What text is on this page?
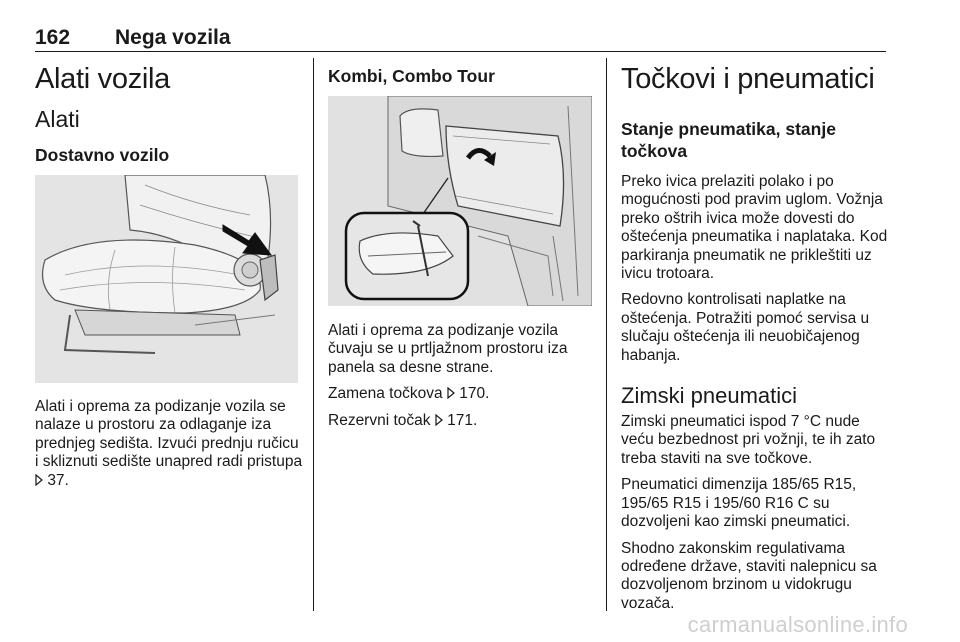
162 Nega vozila
Alati vozila
Alati
Dostavno vozilo

Alati i oprema za podizanje vozila se nalaze u prostoru za odlaganje iza prednjeg sedišta. Izvući prednju ručicu i skliznuti sedište unapred radi pristupa
37.

Kombi, Combo Tour

Alati i oprema za podizanje vozila čuvaju se u prtljažnom prostoru iza panela sa desne strane.

Zamena točkova 170.

Rezervni točak 171.

Točkovi i pneumatici
Stanje pneumatika, stanje točkova

Preko ivica prelaziti polako i po mogućnosti pod pravim uglom. Vožnja preko oštrih ivica može dovesti do oštećenja pneumatika i naplataka. Kod parkiranja pneumatik ne prikleštiti uz ivicu trotoara.

Redovno kontrolisati naplatke na oštećenja. Potražiti pomoć servisa u slučaju oštećenja ili neuobičajenog habanja.

Zimski pneumatici

Zimski pneumatici ispod 7 °C nude veću bezbednost pri vožnji, te ih zato treba staviti na sve točkove.

Pneumatici dimenzija 185/65 R15, 195/65 R15 i 195/60 R16 C su dozvoljeni kao zimski pneumatici.

Shodno zakonskim regulativama određene države, staviti nalepnicu sa dozvoljenom brzinom u vidokrugu vozača.

carmanualsonline.info
